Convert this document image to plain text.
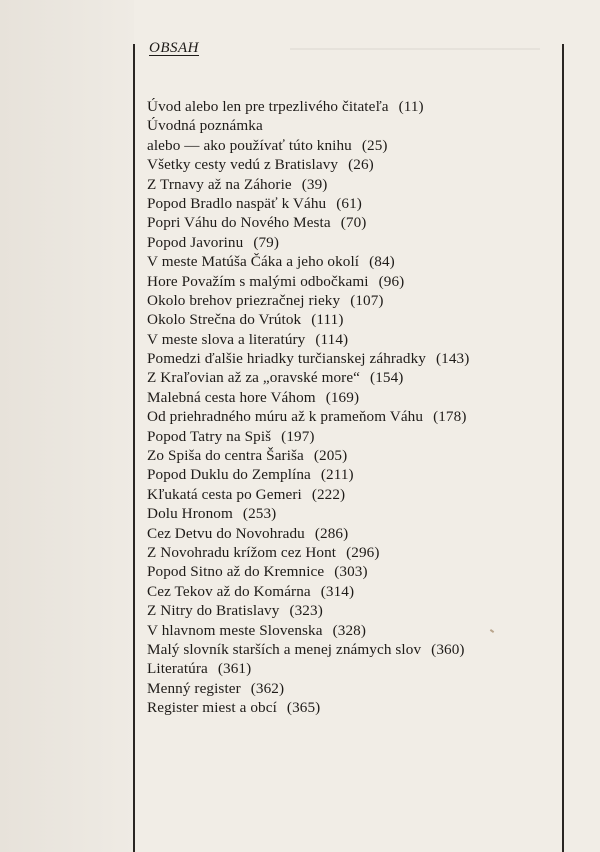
OBSAH
Úvod alebo len pre trpezlivého čitateľa (11)
Úvodná poznámka
alebo — ako používať túto knihu (25)
Všetky cesty vedú z Bratislavy (26)
Z Trnavy až na Záhorie (39)
Popod Bradlo naspäť k Váhu (61)
Popri Váhu do Nového Mesta (70)
Popod Javorinu (79)
V meste Matúša Čáka a jeho okolí (84)
Hore Považím s malými odbočkami (96)
Okolo brehov priezračnej rieky (107)
Okolo Strečna do Vrútok (111)
V meste slova a literatúry (114)
Pomedzi ďalšie hriadky turčianskej záhradky (143)
Z Kraľovian až za „oravské more“ (154)
Malebná cesta hore Váhom (169)
Od priehradného múru až k prameňom Váhu (178)
Popod Tatry na Spiš (197)
Zo Spiša do centra Šariša (205)
Popod Duklu do Zemplína (211)
Kľukatá cesta po Gemeri (222)
Dolu Hronom (253)
Cez Detvu do Novohradu (286)
Z Novohradu krížom cez Hont (296)
Popod Sitno až do Kremnice (303)
Cez Tekov až do Komárna (314)
Z Nitry do Bratislavy (323)
V hlavnom meste Slovenska (328)
Malý slovník starších a menej známych slov (360)
Literatúra (361)
Menný register (362)
Register miest a obcí (365)
